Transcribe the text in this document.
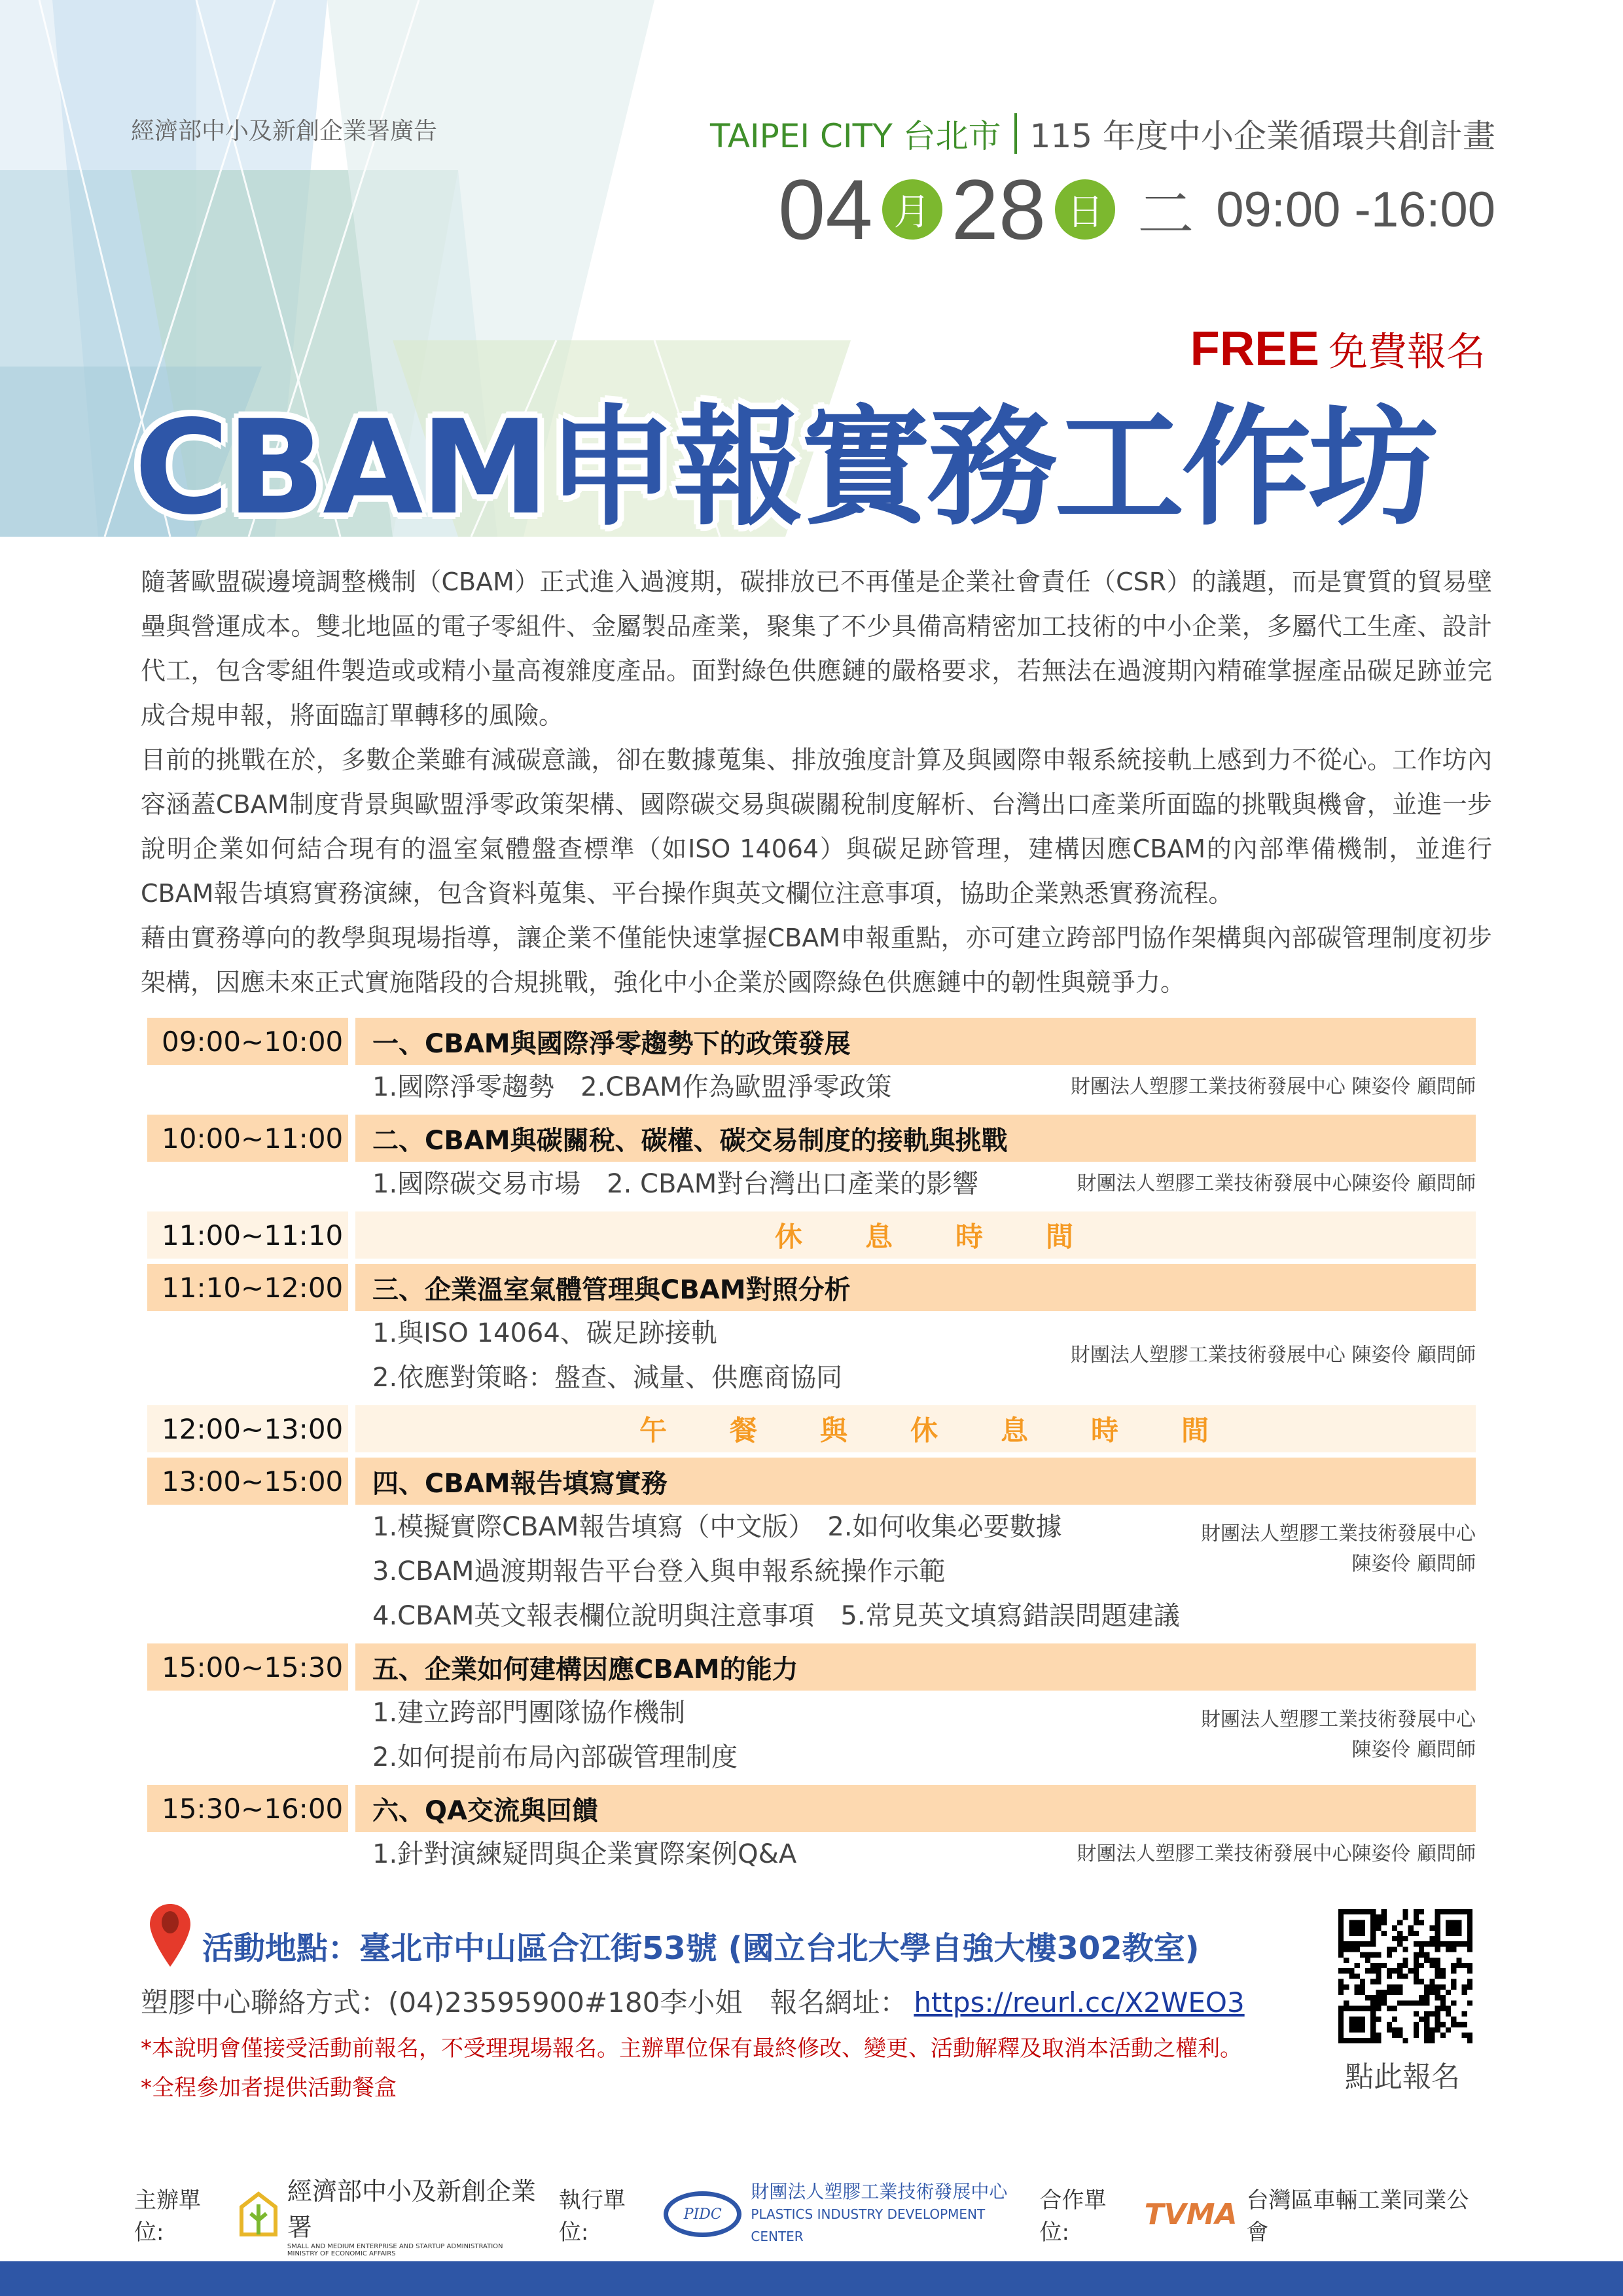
經濟部中小及新創企業署廣告	TAIPEI CITY 台北市 115 年度中小企業循環共創計畫
04 月 28 日 二 09:00 -16:00
FREE 免費報名
CBAM申報實務工作坊

隨著歐盟碳邊境調整機制（CBAM）正式進入過渡期，碳排放已不再僅是企業社會責任（CSR）的議題，而是實質的貿易壁壘與營運成本。雙北地區的電子零組件、金屬製品產業，聚集了不少具備高精密加工技術的中小企業，多屬代工生產、設計代工，包含零組件製造或或精小量高複雜度產品。面對綠色供應鏈的嚴格要求，若無法在過渡期內精確掌握產品碳足跡並完成合規申報，將面臨訂單轉移的風險。

目前的挑戰在於，多數企業雖有減碳意識，卻在數據蒐集、排放強度計算及與國際申報系統接軌上感到力不從心。工作坊內容涵蓋CBAM制度背景與歐盟淨零政策架構、國際碳交易與碳關稅制度解析、台灣出口產業所面臨的挑戰與機會，並進一步說明企業如何結合現有的溫室氣體盤查標準（如ISO 14064）與碳足跡管理，建構因應CBAM的內部準備機制，並進行CBAM報告填寫實務演練，包含資料蒐集、平台操作與英文欄位注意事項，協助企業熟悉實務流程。

藉由實務導向的教學與現場指導，讓企業不僅能快速掌握CBAM申報重點，亦可建立跨部門協作架構與內部碳管理制度初步架構，因應未來正式實施階段的合規挑戰，強化中小企業於國際綠色供應鏈中的韌性與競爭力。

09:00~10:00	一、CBAM與國際淨零趨勢下的政策發展
1.國際淨零趨勢　2.CBAM作為歐盟淨零政策	財團法人塑膠工業技術發展中心 陳姿伶 顧問師
10:00~11:00	二、CBAM與碳關稅、碳權、碳交易制度的接軌與挑戰
1.國際碳交易市場　2. CBAM對台灣出口產業的影響	財團法人塑膠工業技術發展中心陳姿伶 顧問師
11:00~11:10	休 息 時 間
11:10~12:00	三、企業溫室氣體管理與CBAM對照分析
1.與ISO 14064、碳足跡接軌
2.依應對策略：盤查、減量、供應商協同
財團法人塑膠工業技術發展中心 陳姿伶 顧問師
12:00~13:00	午 餐 與 休 息 時 間
13:00~15:00	四、CBAM報告填寫實務
1.模擬實際CBAM報告填寫（中文版）　2.如何收集必要數據
3.CBAM過渡期報告平台登入與申報系統操作示範
4.CBAM英文報表欄位說明與注意事項　5.常見英文填寫錯誤問題建議
財團法人塑膠工業技術發展中心
陳姿伶 顧問師
15:00~15:30	五、企業如何建構因應CBAM的能力
1.建立跨部門團隊協作機制
2.如何提前布局內部碳管理制度
財團法人塑膠工業技術發展中心
陳姿伶 顧問師
15:30~16:00	六、QA交流與回饋
1.針對演練疑問與企業實際案例Q&A	財團法人塑膠工業技術發展中心陳姿伶 顧問師
活動地點：臺北市中山區合江街53號 (國立台北大學自強大樓302教室)
塑膠中心聯絡方式：(04)23595900#180李小姐　報名網址： https://reurl.cc/X2WEO3
*本說明會僅接受活動前報名，不受理現場報名。主辦單位保有最終修改、變更、活動解釋及取消本活動之權利。
*全程參加者提供活動餐盒	點此報名
主辦單位:
經濟部中小及新創企業署
SMALL AND MEDIUM ENTERPRISE AND STARTUP ADMINISTRATION MINISTRY OF ECONOMIC AFFAIRS
執行單位:
PIDC
財團法人塑膠工業技術發展中心
PLASTICS INDUSTRY DEVELOPMENT CENTER
合作單位:
TVMA 台灣區車輛工業同業公會
